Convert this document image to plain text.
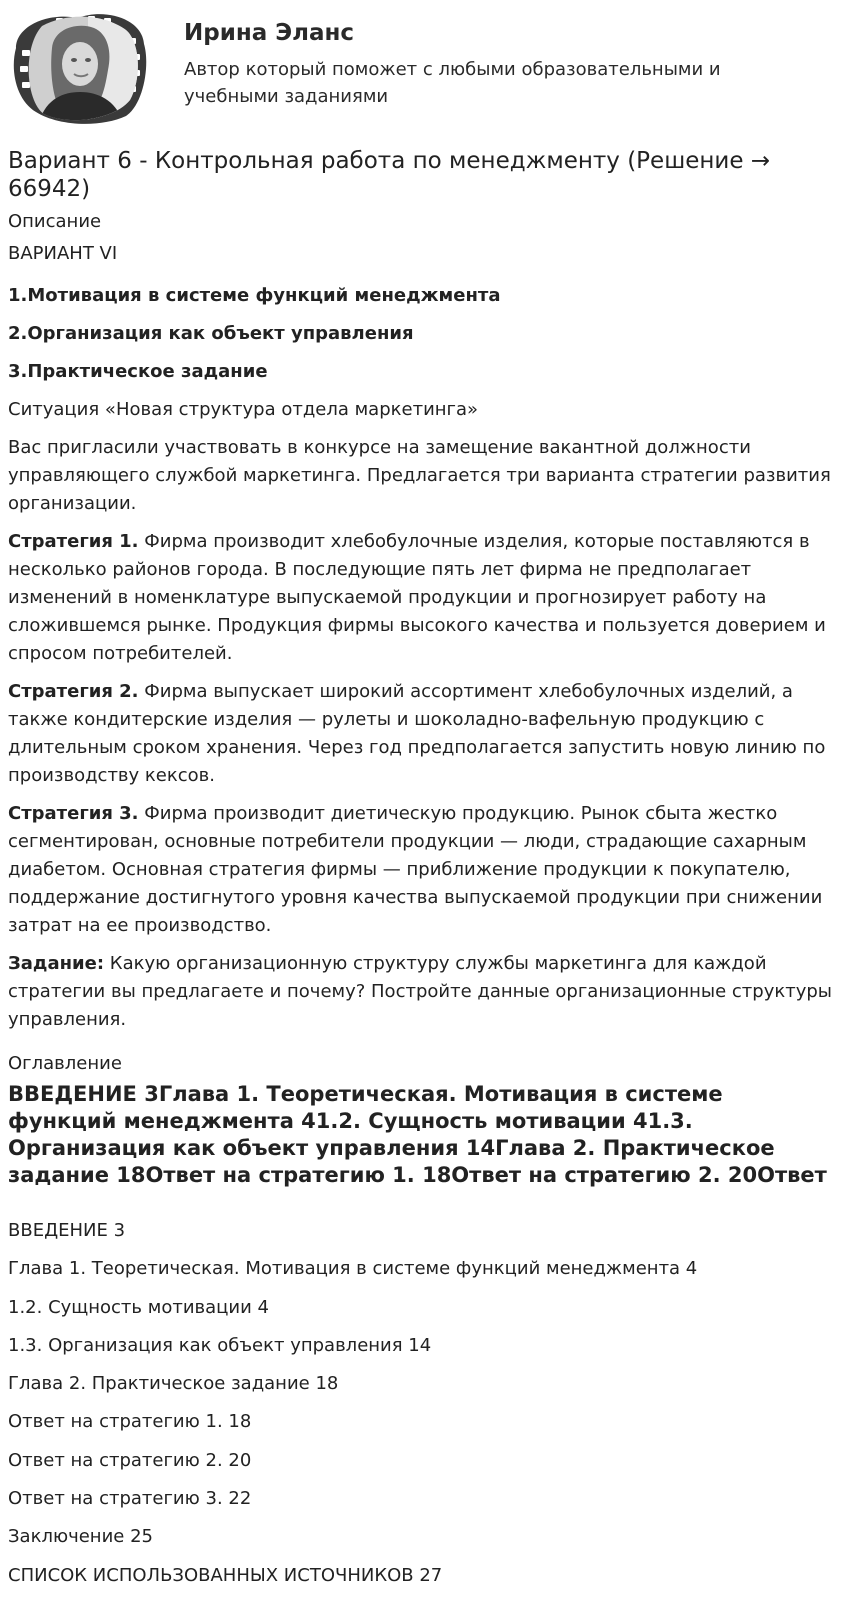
Ирина Эланс
Автор который поможет с любыми образовательными и учебными заданиями
Вариант 6 - Контрольная работа по менеджменту (Решение → 66942)
Описание
ВАРИАНТ VI

1.Мотивация в системе функций менеджмента

2.Организация как объект управления

3.Практическое задание

Ситуация «Новая структура отдела маркетинга»

Вас пригласили участвовать в конкурсе на замещение вакантной должности управляющего службой маркетинга. Предлагается три варианта стратегии развития организации.

Стратегия 1. Фирма производит хлебобулочные изделия, которые поставляются в несколько районов города. В последующие пять лет фирма не предполагает изменений в номенклатуре выпускаемой продукции и прогнозирует работу на сложившемся рынке. Продукция фирмы высокого качества и пользуется доверием и спросом потребителей.

Стратегия 2. Фирма выпускает широкий ассортимент хлебобулочных изделий, а также кондитерские изделия — рулеты и шоколадно-вафельную продукцию с длительным сроком хранения. Через год предполагается запустить новую линию по производству кексов.

Стратегия 3. Фирма производит диетическую продукцию. Рынок сбыта жестко сегментирован, основные потребители продукции — люди, страдающие сахарным диабетом. Основная стратегия фирмы — приближение продукции к покупателю, поддержание достигнутого уровня качества выпускаемой продукции при снижении затрат на ее производство.

Задание: Какую организационную структуру службы маркетинга для каждой стратегии вы предлагаете и почему? Постройте данные организационные структуры управления.

Оглавление
ВВЕДЕНИЕ 3Глава 1. Теоретическая. Мотивация в системе функций менеджмента 41.2. Сущность мотивации 41.3. Организация как объект управления 14Глава 2. Практическое задание 18Ответ на стратегию 1. 18Ответ на стратегию 2. 20Ответ
ВВЕДЕНИЕ 3
Глава 1. Теоретическая. Мотивация в системе функций менеджмента 4
1.2. Сущность мотивации 4
1.3. Организация как объект управления 14
Глава 2. Практическое задание 18
Ответ на стратегию 1. 18
Ответ на стратегию 2. 20
Ответ на стратегию 3. 22
Заключение 25
СПИСОК ИСПОЛЬЗОВАННЫХ ИСТОЧНИКОВ 27
